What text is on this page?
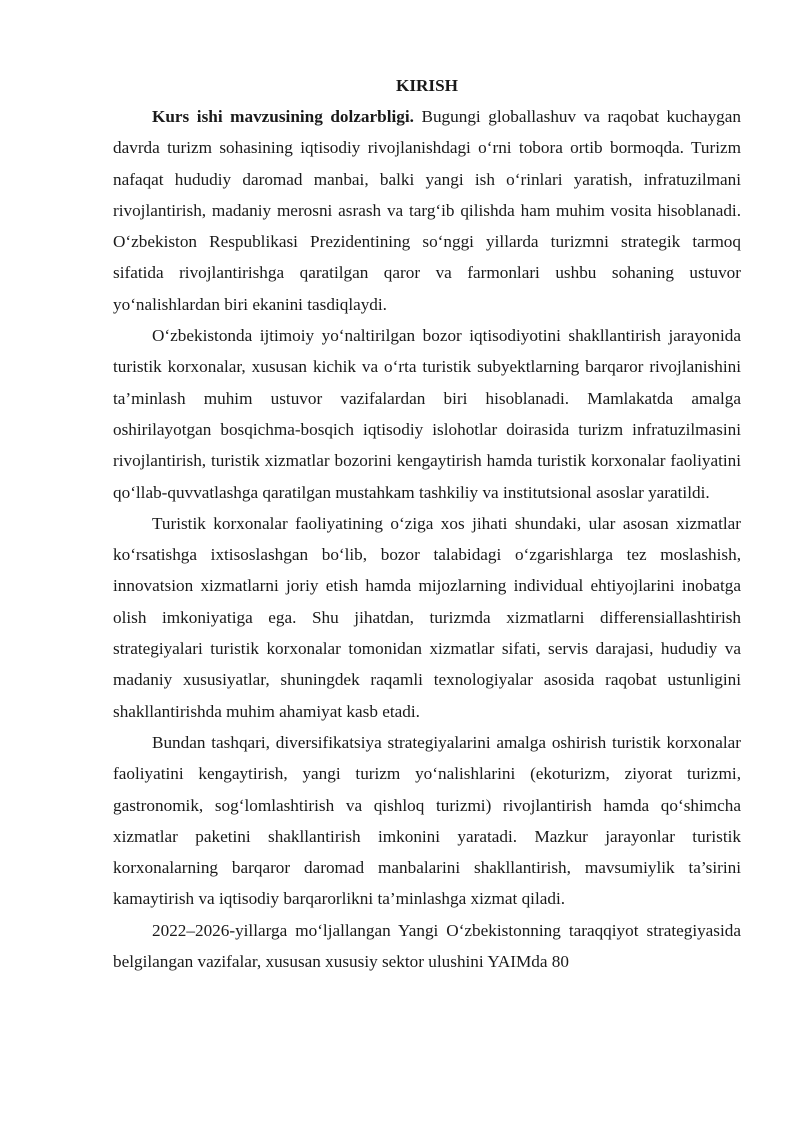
KIRISH

Kurs ishi mavzusining dolzarbligi. Bugungi globallashuv va raqobat kuchaygan davrda turizm sohasining iqtisodiy rivojlanishdagi o‘rni tobora ortib bormoqda. Turizm nafaqat hududiy daromad manbai, balki yangi ish o‘rinlari yaratish, infratuzilmani rivojlantirish, madaniy merosni asrash va targ‘ib qilishda ham muhim vosita hisoblanadi. O‘zbekiston Respublikasi Prezidentining so‘nggi yillarda turizmni strategik tarmoq sifatida rivojlantirishga qaratilgan qaror va farmonlari ushbu sohaning ustuvor yo‘nalishlardan biri ekanini tasdiqlaydi.

O‘zbekistonda ijtimoiy yo‘naltirilgan bozor iqtisodiyotini shakllantirish jarayonida turistik korxonalar, xususan kichik va o‘rta turistik subyektlarning barqaror rivojlanishini ta’minlash muhim ustuvor vazifalardan biri hisoblanadi. Mamlakatda amalga oshirilayotgan bosqichma-bosqich iqtisodiy islohotlar doirasida turizm infratuzilmasini rivojlantirish, turistik xizmatlar bozorini kengaytirish hamda turistik korxonalar faoliyatini qo‘llab-quvvatlashga qaratilgan mustahkam tashkiliy va institutsional asoslar yaratildi.

Turistik korxonalar faoliyatining o‘ziga xos jihati shundaki, ular asosan xizmatlar ko‘rsatishga ixtisoslashgan bo‘lib, bozor talabidagi o‘zgarishlarga tez moslashish, innovatsion xizmatlarni joriy etish hamda mijozlarning individual ehtiyojlarini inobatga olish imkoniyatiga ega. Shu jihatdan, turizmda xizmatlarni differensiallashtirish strategiyalari turistik korxonalar tomonidan xizmatlar sifati, servis darajasi, hududiy va madaniy xususiyatlar, shuningdek raqamli texnologiyalar asosida raqobat ustunligini shakllantirishda muhim ahamiyat kasb etadi.

Bundan tashqari, diversifikatsiya strategiyalarini amalga oshirish turistik korxonalar faoliyatini kengaytirish, yangi turizm yo‘nalishlarini (ekoturizm, ziyorat turizmi, gastronomik, sog‘lomlashtirish va qishloq turizmi) rivojlantirish hamda qo‘shimcha xizmatlar paketini shakllantirish imkonini yaratadi. Mazkur jarayonlar turistik korxonalarning barqaror daromad manbalarini shakllantirish, mavsumiylik ta’sirini kamaytirish va iqtisodiy barqarorlikni ta’minlashga xizmat qiladi.

2022–2026-yillarga mo‘ljallangan Yangi O‘zbekistonning taraqqiyot strategiyasida belgilangan vazifalar, xususan xususiy sektor ulushini YAIMda 80
